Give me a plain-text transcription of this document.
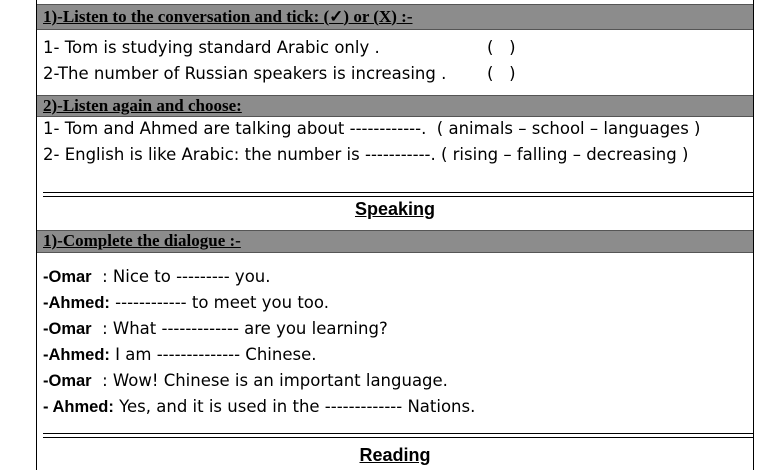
1)-Listen to the conversation and tick: (✓) or (X) :-
1- Tom is studying standard Arabic only .	(   )
2-The number of Russian speakers is increasing . (   )
2)-Listen again and choose:
1- Tom and Ahmed are talking about ------------.  ( animals – school – languages )
2- English is like Arabic: the number is -----------. ( rising – falling – decreasing )
Speaking
1)-Complete the dialogue :-
-Omar  : Nice to --------- you.
-Ahmed: ------------ to meet you too.
-Omar  : What ------------- are you learning?
-Ahmed: I am -------------- Chinese.
-Omar  : Wow! Chinese is an important language.
- Ahmed: Yes, and it is used in the ------------- Nations.
Reading
